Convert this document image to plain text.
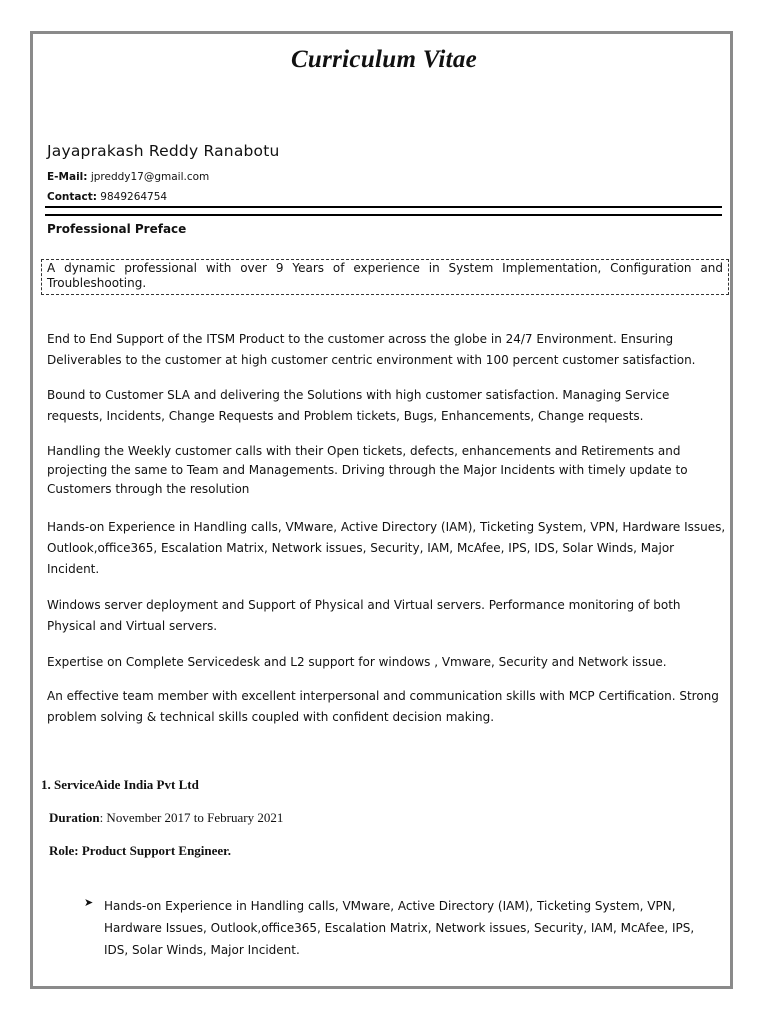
Curriculum Vitae
Jayaprakash Reddy Ranabotu
E-Mail: jpreddy17@gmail.com
Contact: 9849264754
Professional Preface
A dynamic professional with over 9 Years of experience in System Implementation, Configuration and Troubleshooting.
End to End Support of the ITSM Product to the customer across the globe in 24/7 Environment. Ensuring Deliverables to the customer at high customer centric environment with 100 percent customer satisfaction.
Bound to Customer SLA and delivering the Solutions with high customer satisfaction. Managing Service requests, Incidents, Change Requests and Problem tickets, Bugs, Enhancements, Change requests.
Handling the Weekly customer calls with their Open tickets, defects, enhancements and Retirements and projecting the same to Team and Managements. Driving through the Major Incidents with timely update to Customers through the resolution
Hands-on Experience in Handling calls, VMware, Active Directory (IAM), Ticketing System, VPN, Hardware Issues, Outlook,office365, Escalation Matrix, Network issues, Security, IAM, McAfee, IPS, IDS, Solar Winds, Major Incident.
Windows server deployment and Support of Physical and Virtual servers. Performance monitoring of both Physical and Virtual servers.
Expertise on Complete Servicedesk and L2 support for windows , Vmware, Security and Network issue.
An effective team member with excellent interpersonal and communication skills with MCP Certification. Strong problem solving & technical skills coupled with confident decision making.
1. ServiceAide India Pvt Ltd
Duration: November 2017 to February 2021
Role: Product Support Engineer.
➤ Hands-on Experience in Handling calls, VMware, Active Directory (IAM), Ticketing System, VPN, Hardware Issues, Outlook,office365, Escalation Matrix, Network issues, Security, IAM, McAfee, IPS, IDS, Solar Winds, Major Incident.
